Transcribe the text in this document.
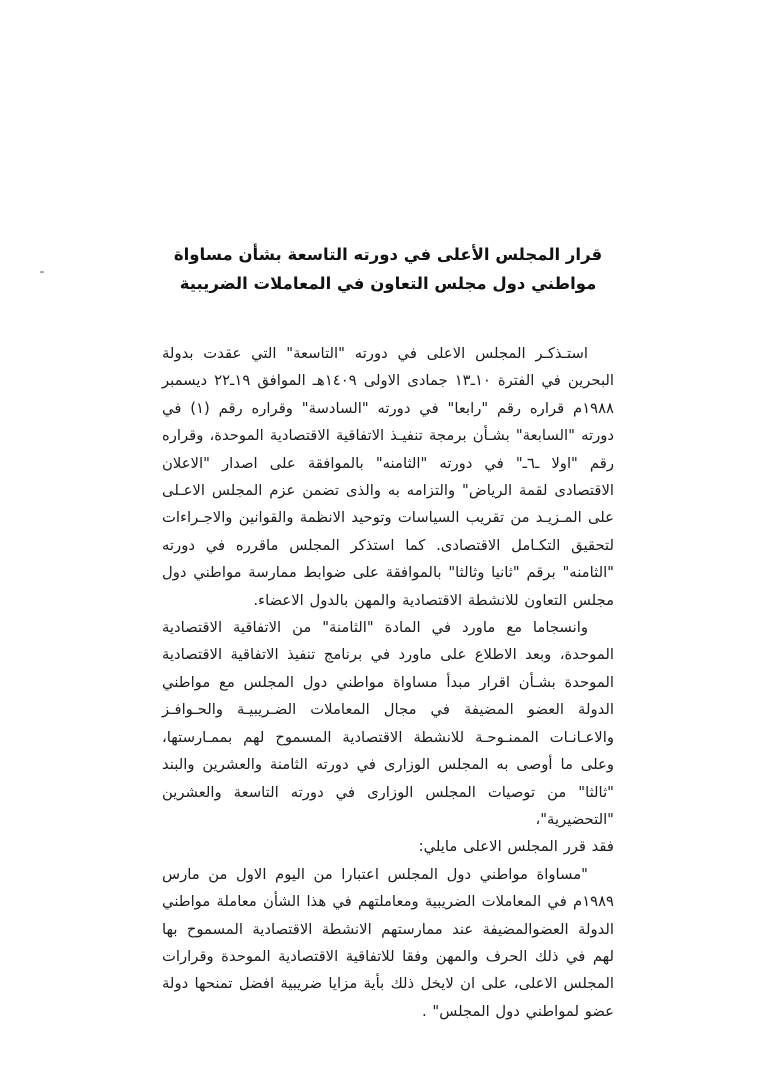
قرار المجلس الأعلى في دورته التاسعة بشأن مساواة
مواطني دول مجلس التعاون في المعاملات الضريبية

استـذكـر المجلس الاعلى في دورته "التاسعة" التي عقدت بدولة البحرين في الفترة ١٠ـ١٣ جمادى الاولى ١٤٠٩هـ الموافق ١٩ـ٢٢ ديسمبر ١٩٨٨م قراره رقم "رابعا" في دورته "السادسة" وقراره رقم (١) في دورته "السابعة" بشـأن برمجة تنفيـذ الاتفاقية الاقتصادية الموحدة، وقراره رقم "اولا ـ٦ـ" في دورته "الثامنه" بالموافقة على اصدار "الاعلان الاقتصادى لقمة الرياض" والتزامه به والذى تضمن عزم المجلس الاعـلى على المـزيـد من تقريب السياسات وتوحيد الانظمة والقوانين والاجـراءات لتحقيق التكـامل الاقتصادى. كما استذكر المجلس ماقرره في دورته "الثامنه" برقم "ثانيا وثالثا" بالموافقة على ضوابط ممارسة مواطني دول مجلس التعاون للانشطة الاقتصادية والمهن بالدول الاعضاء.

وانسجاما مع ماورد في المادة "الثامنة" من الاتفاقية الاقتصادية الموحدة، وبعد الاطلاع على ماورد في برنامج تنفيذ الاتفاقية الاقتصادية الموحدة بشـأن اقرار مبدأ مساواة مواطني دول المجلس مع مواطني الدولة العضو المضيفة في مجال المعاملات الضـريبيـة والحـوافـز والاعـانـات الممنـوحـة للانشطة الاقتصادية المسموح لهم بممـارستها، وعلى ما أوصى به المجلس الوزارى في دورته الثامنة والعشرين والبند "ثالثا" من توصيات المجلس الوزارى في دورته التاسعة والعشرين "التحضيرية"،

فقد قرر المجلس الاعلى مايلي:

"مساواة مواطني دول المجلس اعتبارا من اليوم الاول من مارس ١٩٨٩م في المعاملات الضريبية ومعاملتهم في هذا الشأن معاملة مواطني الدولة العضوالمضيفة عند ممارستهم الانشطة الاقتصادية المسموح بها لهم في ذلك الحرف والمهن وفقا للاتفاقية الاقتصادية الموحدة وقرارات المجلس الاعلى، على ان لايخل ذلك بأية مزايا ضريبية افضل تمنحها دولة عضو لمواطني دول المجلس" .
